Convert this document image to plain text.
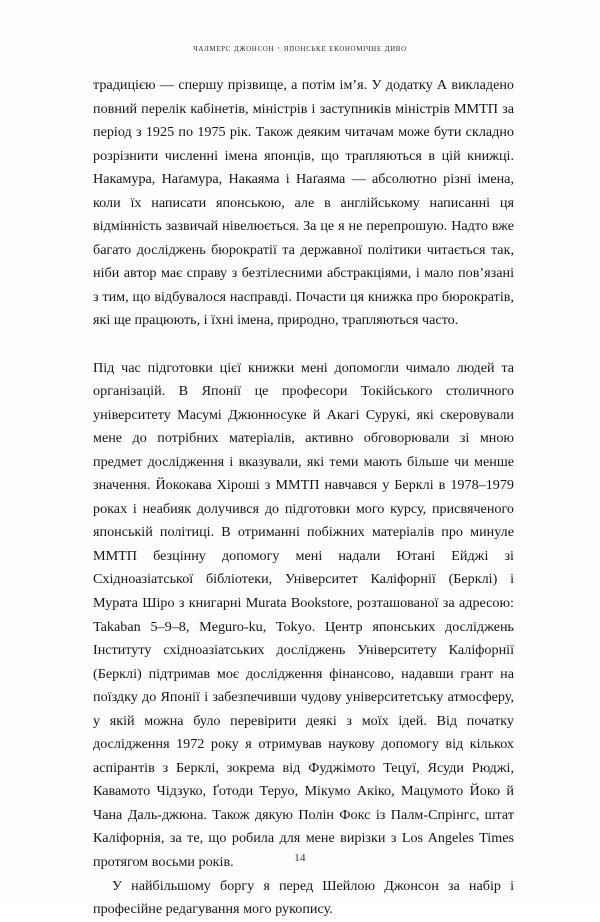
чалмерс джонсон · японське економічне диво

традицією — спершу прізвище, а потім ім’я. У додатку А викладено повний перелік кабінетів, міністрів і заступників міністрів ММТП за період з 1925 по 1975 рік. Також деяким читачам може бути складно розрізнити численні імена японців, що трапляються в цій книжці. Накамура, Наґамура, Накаяма і Наґаяма — абсолютно різні імена, коли їх написати японською, але в англійському написанні ця відмінність зазвичай нівелюється. За це я не перепрошую. Надто вже багато досліджень бюрократії та державної політики читається так, ніби автор має справу з безтілесними абстракціями, і мало пов’язані з тим, що відбувалося насправді. Почасти ця книжка про бюрократів, які ще працюють, і їхні імена, природно, трапляються часто.

Під час підготовки цієї книжки мені допомогли чимало людей та організацій. В Японії це професори Токійського столичного університету Масумі Джюнносуке й Акагі Сурукі, які скеровували мене до потрібних матеріалів, активно обговорювали зі мною предмет дослідження і вказували, які теми мають більше чи менше значення. Йококава Хіроші з ММТП навчався у Берклі в 1978–1979 роках і неабияк долучився до підготовки мого курсу, присвяченого японській політиці. В отриманні побіжних матеріалів про минуле ММТП безцінну допомогу мені надали Ютані Ейджі зі Східноазіатської бібліотеки, Університет Каліфорнії (Берклі) і Мурата Шіро з книгарні Murata Bookstore, розташованої за адресою: Takaban 5–9–8, Meguro-ku, Tokyo. Центр японських досліджень Інституту східноазіатських досліджень Університету Каліфорнії (Берклі) підтримав моє дослідження фінансово, надавши грант на поїздку до Японії і забезпечивши чудову університетську атмосферу, у якій можна було перевірити деякі з моїх ідей. Від початку дослідження 1972 року я отримував наукову допомогу від кількох аспірантів з Берклі, зокрема від Фуджімото Тецуї, Ясуди Рюджі, Кавамото Чідзуко, Ґотоди Теруо, Мікумо Акіко, Мацумото Йоко й Чана Даль-джюна. Також дякую Полін Фокс із Палм-Спрінгс, штат Каліфорнія, за те, що робила для мене вирізки з Los Angeles Times протягом восьми років.

У найбільшому боргу я перед Шейлою Джонсон за набір і професійне редагування мого рукопису.

14
